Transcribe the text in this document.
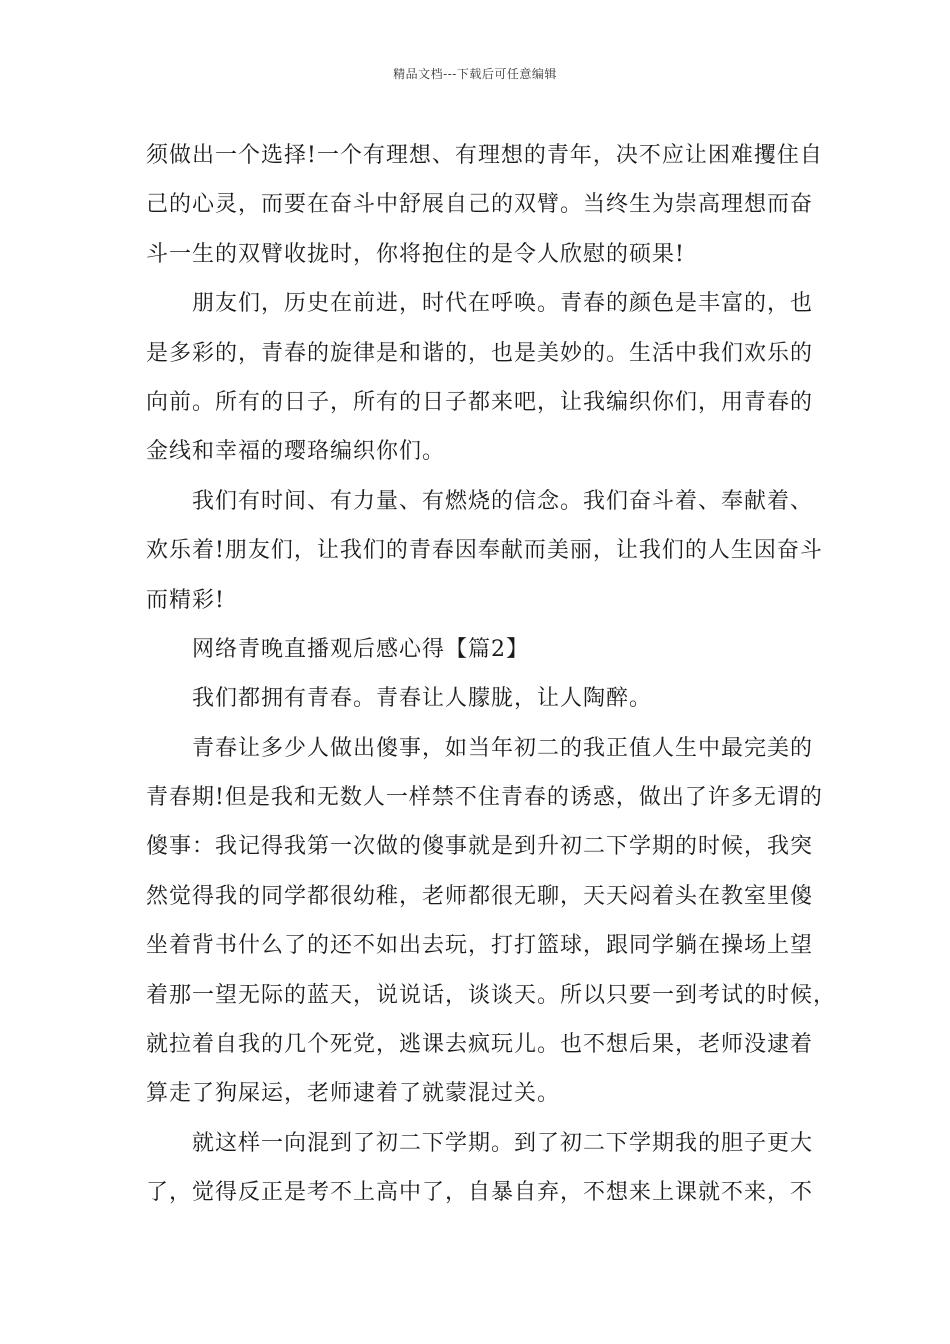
精品文档---下载后可任意编辑
须做出一个选择!一个有理想、有理想的青年，决不应让困难攫住自
己的心灵，而要在奋斗中舒展自己的双臂。当终生为崇高理想而奋
斗一生的双臂收拢时，你将抱住的是令人欣慰的硕果!
朋友们，历史在前进，时代在呼唤。青春的颜色是丰富的，也
是多彩的，青春的旋律是和谐的，也是美妙的。生活中我们欢乐的
向前。所有的日子，所有的日子都来吧，让我编织你们，用青春的
金线和幸福的璎珞编织你们。
我们有时间、有力量、有燃烧的信念。我们奋斗着、奉献着、
欢乐着!朋友们，让我们的青春因奉献而美丽，让我们的人生因奋斗
而精彩!
网络青晚直播观后感心得【篇2】
我们都拥有青春。青春让人朦胧，让人陶醉。
青春让多少人做出傻事，如当年初二的我正值人生中最完美的
青春期!但是我和无数人一样禁不住青春的诱惑，做出了许多无谓的
傻事：我记得我第一次做的傻事就是到升初二下学期的时候，我突
然觉得我的同学都很幼稚，老师都很无聊，天天闷着头在教室里傻
坐着背书什么了的还不如出去玩，打打篮球，跟同学躺在操场上望
着那一望无际的蓝天，说说话，谈谈天。所以只要一到考试的时候，
就拉着自我的几个死党，逃课去疯玩儿。也不想后果，老师没逮着
算走了狗屎运，老师逮着了就蒙混过关。
就这样一向混到了初二下学期。到了初二下学期我的胆子更大
了，觉得反正是考不上高中了，自暴自弃，不想来上课就不来，不
